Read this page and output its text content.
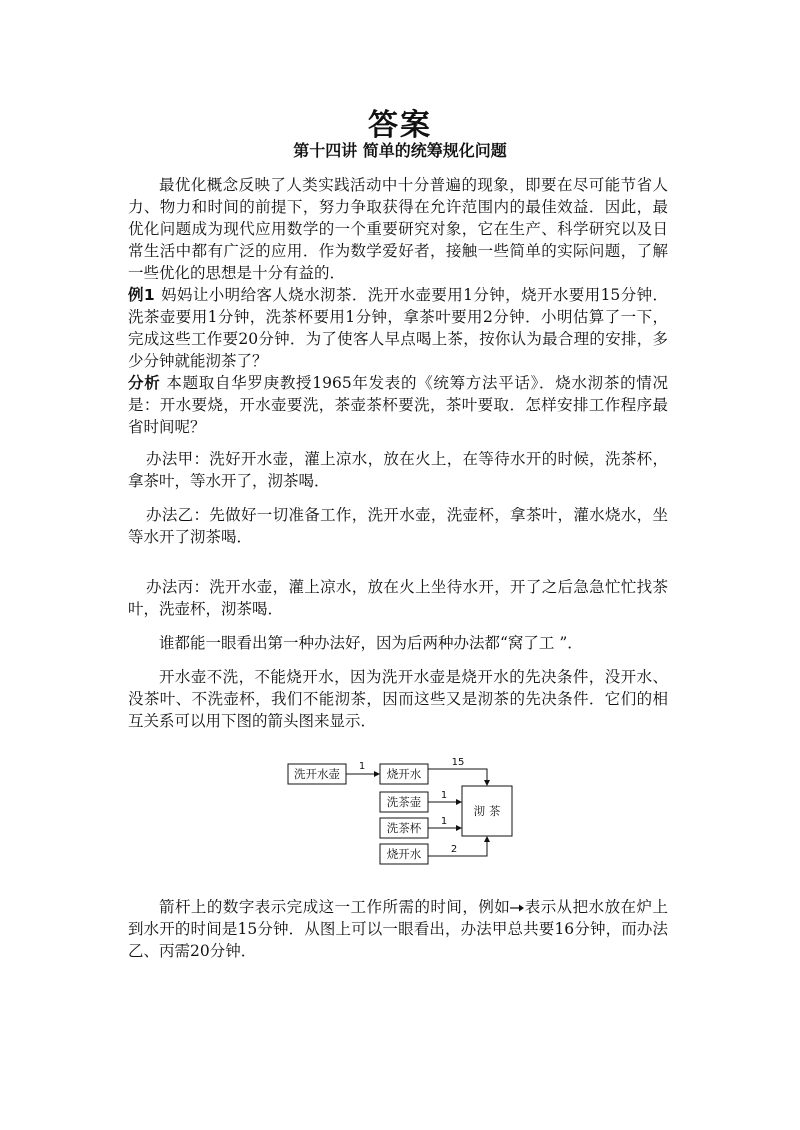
答案
第十四讲 简单的统筹规化问题

最优化概念反映了人类实践活动中十分普遍的现象，即要在尽可能节省人力、物力和时间的前提下，努力争取获得在允许范围内的最佳效益．因此，最优化问题成为现代应用数学的一个重要研究对象，它在生产、科学研究以及日常生活中都有广泛的应用．作为数学爱好者，接触一些简单的实际问题，了解一些优化的思想是十分有益的．

例1 妈妈让小明给客人烧水沏茶．洗开水壶要用1分钟，烧开水要用15分钟．洗茶壶要用1分钟，洗茶杯要用1分钟，拿茶叶要用2分钟．小明估算了一下，完成这些工作要20分钟．为了使客人早点喝上茶，按你认为最合理的安排，多少分钟就能沏茶了？

分析 本题取自华罗庚教授1965年发表的《统筹方法平话》．烧水沏茶的情况是：开水要烧，开水壶要洗，茶壶茶杯要洗，茶叶要取．怎样安排工作程序最省时间呢？

办法甲：洗好开水壶，灌上凉水，放在火上，在等待水开的时候，洗茶杯，拿茶叶，等水开了，沏茶喝．

办法乙：先做好一切准备工作，洗开水壶，洗壶杯，拿茶叶，灌水烧水，坐等水开了沏茶喝．

办法丙：洗开水壶，灌上凉水，放在火上坐待水开，开了之后急急忙忙找茶叶，洗壶杯，沏茶喝．

谁都能一眼看出第一种办法好，因为后两种办法都“窝了工 ”．

开水壶不洗，不能烧开水，因为洗开水壶是烧开水的先决条件，没开水、没茶叶、不洗壶杯，我们不能沏茶，因而这些又是沏茶的先决条件．它们的相互关系可以用下图的箭头图来显示．

洗开水壶	烧开水
洗茶壶
洗茶杯
烧开水
沏 茶
1	15
1
1
2

箭杆上的数字表示完成这一工作所需的时间，例如 表示从把水放在炉上到水开的时间是15分钟．从图上可以一眼看出，办法甲总共要16分钟，而办法乙、丙需20分钟．
